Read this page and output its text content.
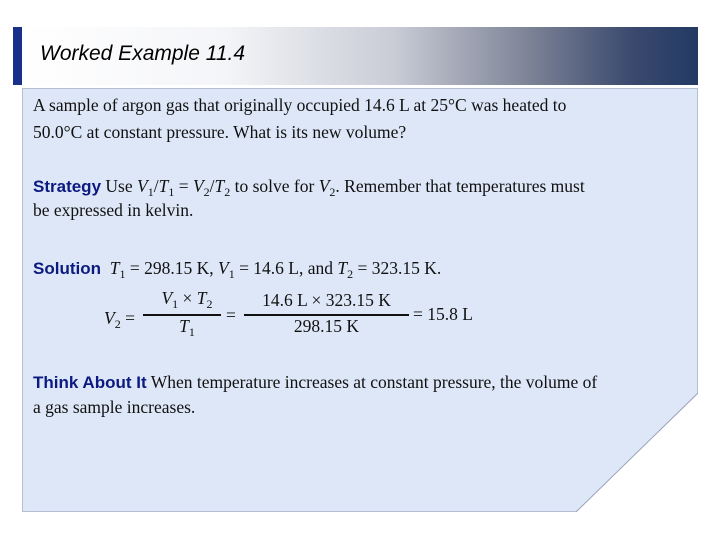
Worked Example 11.4
A sample of argon gas that originally occupied 14.6 L at 25°C was heated to
50.0°C at constant pressure. What is its new volume?
Strategy Use $V_1/T_1 = V_2/T_2$ to solve for $V_2$. Remember that temperatures must
be expressed in kelvin.
Solution $T_1 = 298.15$ K, $V_1 = 14.6$ L, and $T_2 = 323.15$ K.
$V_2$ =
$V_1 \times T_2$
$T_1$
=
14.6 L × 323.15 K
298.15 K
= 15.8 L
Think About It When temperature increases at constant pressure, the volume of
a gas sample increases.
